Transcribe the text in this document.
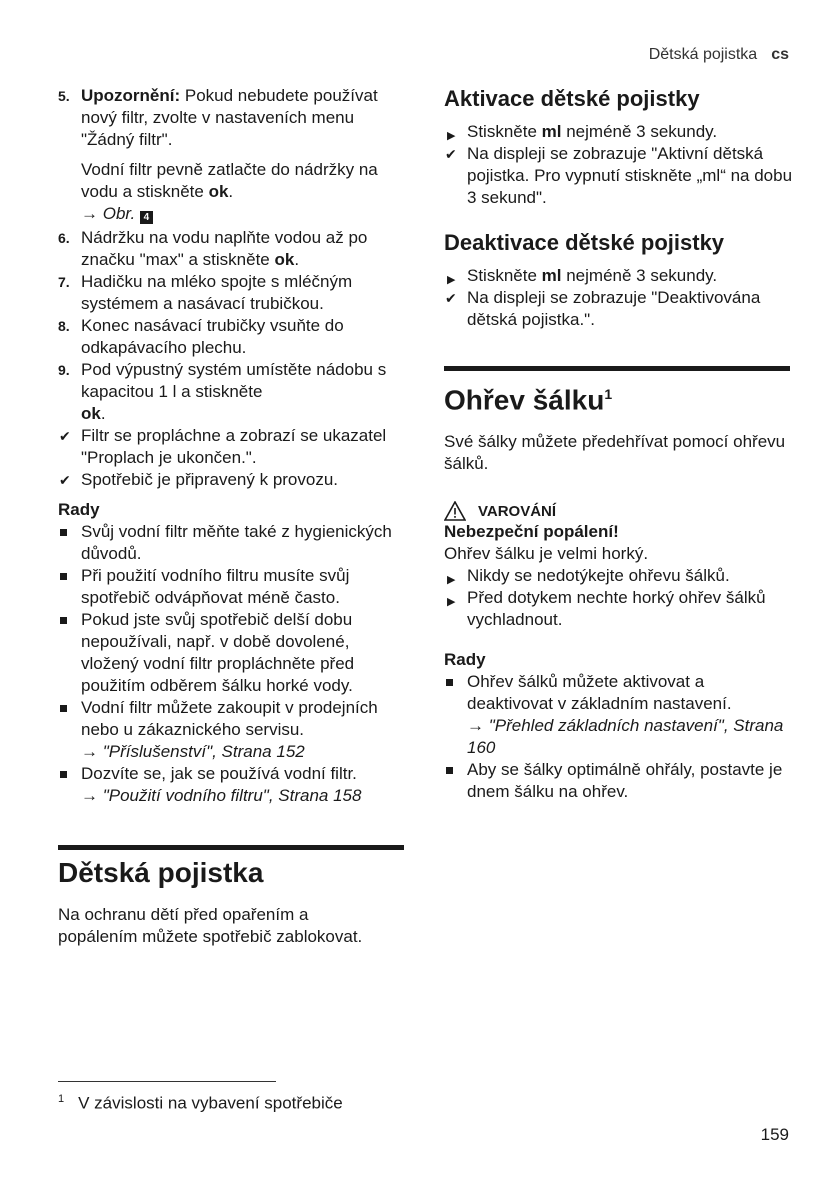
Dětská pojistka cs
5. Upozornění: Pokud nebudete používat nový filtr, zvolte v nastaveních menu "Žádný filtr".
Vodní filtr pevně zatlačte do nádržky na vodu a stiskněte ok.
→ Obr. 4
6. Nádržku na vodu naplňte vodou až po značku "max" a stiskněte ok.
7. Hadičku na mléko spojte s mléčným systémem a nasávací trubičkou.
8. Konec nasávací trubičky vsuňte do odkapávacího plechu.
9. Pod výpustný systém umístěte nádobu s kapacitou 1 l a stiskněte
ok.
✔ Filtr se propláchne a zobrazí se ukazatel "Proplach je ukončen.".
✔ Spotřebič je připravený k provozu.

Rady

Svůj vodní filtr měňte také z hygienických důvodů.
Při použití vodního filtru musíte svůj spotřebič odvápňovat méně často.
Pokud jste svůj spotřebič delší dobu nepoužívali, např. v době dovolené, vložený vodní filtr propláchněte před použitím odběrem šálku horké vody.
Vodní filtr můžete zakoupit v prodejních nebo u zákaznického servisu.
→ "Příslušenství", Strana 152
Dozvíte se, jak se používá vodní filtr.
→ "Použití vodního filtru", Strana 158

Dětská pojistka

Na ochranu dětí před opařením a popálením můžete spotřebič zablokovat.

Aktivace dětské pojistky

▶ Stiskněte ml nejméně 3 sekundy.
✔ Na displeji se zobrazuje "Aktivní dětská pojistka. Pro vypnutí stiskněte „ml“ na dobu 3 sekund".

Deaktivace dětské pojistky

▶ Stiskněte ml nejméně 3 sekundy.
✔ Na displeji se zobrazuje "Deaktivována dětská pojistka.".

Ohřev šálku$^1$

Své šálky můžete předehřívat pomocí ohřevu šálků.

VAROVÁNÍ

Nebezpeční popálení!

Ohřev šálku je velmi horký.

▶ Nikdy se nedotýkejte ohřevu šálků.
▶ Před dotykem nechte horký ohřev šálků vychladnout.

Rady

Ohřev šálků můžete aktivovat a deaktivovat v základním nastavení.
→ "Přehled základních nastavení", Strana 160
Aby se šálky optimálně ohřály, postavte je dnem šálku na ohřev.
$^1$ V závislosti na vybavení spotřebiče
159
